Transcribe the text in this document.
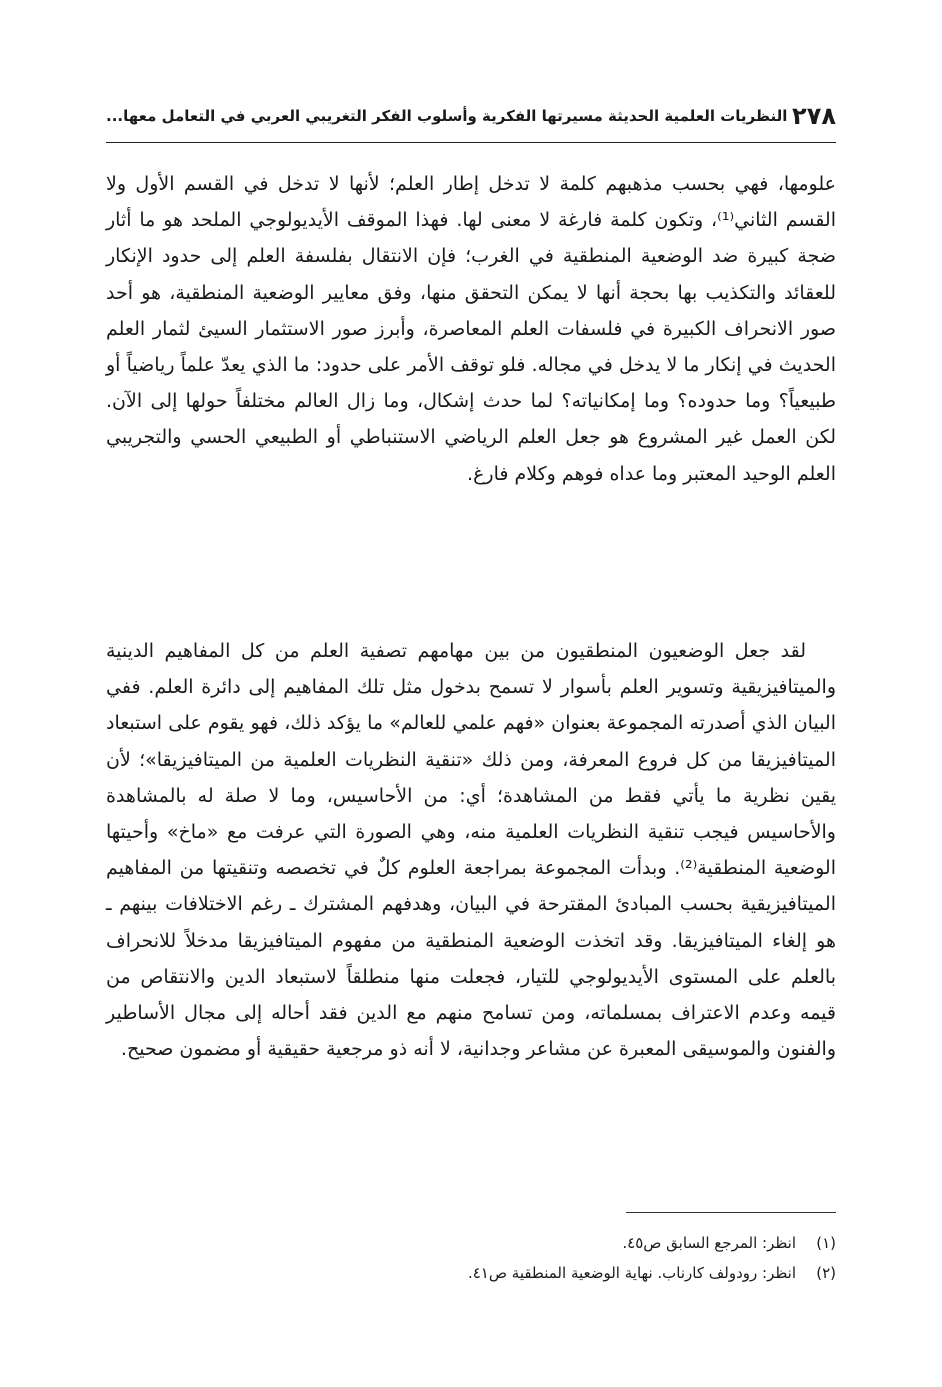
٢٧٨
النظريات العلمية الحديثة مسيرتها الفكرية وأسلوب الفكر التغريبي العربي في التعامل معها...

علومها، فهي بحسب مذهبهم كلمة لا تدخل إطار العلم؛ لأنها لا تدخل في القسم الأول ولا القسم الثاني⁽¹⁾، وتكون كلمة فارغة لا معنى لها. فهذا الموقف الأيديولوجي الملحد هو ما أثار ضجة كبيرة ضد الوضعية المنطقية في الغرب؛ فإن الانتقال بفلسفة العلم إلى حدود الإنكار للعقائد والتكذيب بها بحجة أنها لا يمكن التحقق منها، وفق معايير الوضعية المنطقية، هو أحد صور الانحراف الكبيرة في فلسفات العلم المعاصرة، وأبرز صور الاستثمار السيئ لثمار العلم الحديث في إنكار ما لا يدخل في مجاله. فلو توقف الأمر على حدود: ما الذي يعدّ علماً رياضياً أو طبيعياً؟ وما حدوده؟ وما إمكانياته؟ لما حدث إشكال، وما زال العالم مختلفاً حولها إلى الآن. لكن العمل غير المشروع هو جعل العلم الرياضي الاستنباطي أو الطبيعي الحسي والتجريبي العلم الوحيد المعتبر وما عداه فوهم وكلام فارغ.

لقد جعل الوضعيون المنطقيون من بين مهامهم تصفية العلم من كل المفاهيم الدينية والميتافيزيقية وتسوير العلم بأسوار لا تسمح بدخول مثل تلك المفاهيم إلى دائرة العلم. ففي البيان الذي أصدرته المجموعة بعنوان «فهم علمي للعالم» ما يؤكد ذلك، فهو يقوم على استبعاد الميتافيزيقا من كل فروع المعرفة، ومن ذلك «تنقية النظريات العلمية من الميتافيزيقا»؛ لأن يقين نظرية ما يأتي فقط من المشاهدة؛ أي: من الأحاسيس، وما لا صلة له بالمشاهدة والأحاسيس فيجب تنقية النظريات العلمية منه، وهي الصورة التي عرفت مع «ماخ» وأحيتها الوضعية المنطقية⁽²⁾. وبدأت المجموعة بمراجعة العلوم كلٌ في تخصصه وتنقيتها من المفاهيم الميتافيزيقية بحسب المبادئ المقترحة في البيان، وهدفهم المشترك ـ رغم الاختلافات بينهم ـ هو إلغاء الميتافيزيقا. وقد اتخذت الوضعية المنطقية من مفهوم الميتافيزيقا مدخلاً للانحراف بالعلم على المستوى الأيديولوجي للتيار، فجعلت منها منطلقاً لاستبعاد الدين والانتقاص من قيمه وعدم الاعتراف بمسلماته، ومن تسامح منهم مع الدين فقد أحاله إلى مجال الأساطير والفنون والموسيقى المعبرة عن مشاعر وجدانية، لا أنه ذو مرجعية حقيقية أو مضمون صحيح.

(١)
انظر: المرجع السابق ص٤٥.
(٢)
انظر: رودولف كارناب. نهاية الوضعية المنطقية ص٤١.
